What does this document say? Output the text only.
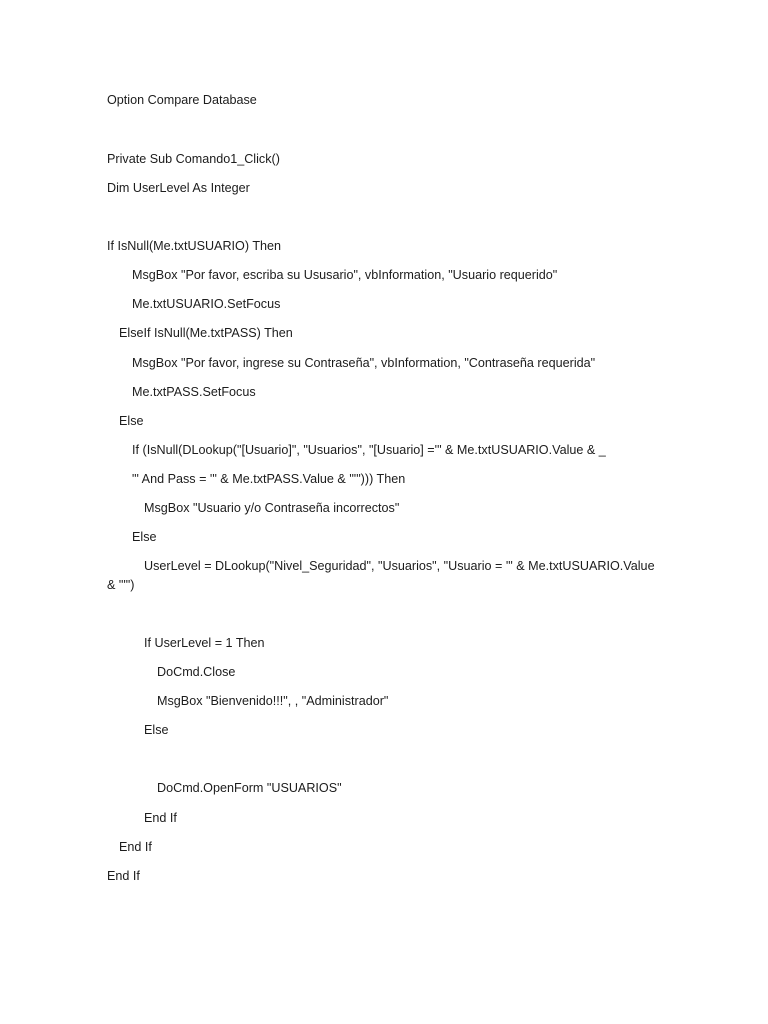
Option Compare Database
Private Sub Comando1_Click()
Dim UserLevel As Integer
If IsNull(Me.txtUSUARIO) Then
MsgBox "Por favor, escriba su Ususario", vbInformation, "Usuario requerido"
Me.txtUSUARIO.SetFocus
ElseIf IsNull(Me.txtPASS) Then
MsgBox "Por favor, ingrese su Contraseña", vbInformation, "Contraseña requerida"
Me.txtPASS.SetFocus
Else
If (IsNull(DLookup("[Usuario]", "Usuarios", "[Usuario] ='" & Me.txtUSUARIO.Value & _
"' And Pass = '" & Me.txtPASS.Value & "'"))) Then
MsgBox "Usuario y/o Contraseña incorrectos"
Else
UserLevel = DLookup("Nivel_Seguridad", "Usuarios", "Usuario = '" & Me.txtUSUARIO.Value
& "'")
If UserLevel = 1 Then
DoCmd.Close
MsgBox "Bienvenido!!!", , "Administrador"
Else
DoCmd.OpenForm "USUARIOS"
End If
End If
End If
